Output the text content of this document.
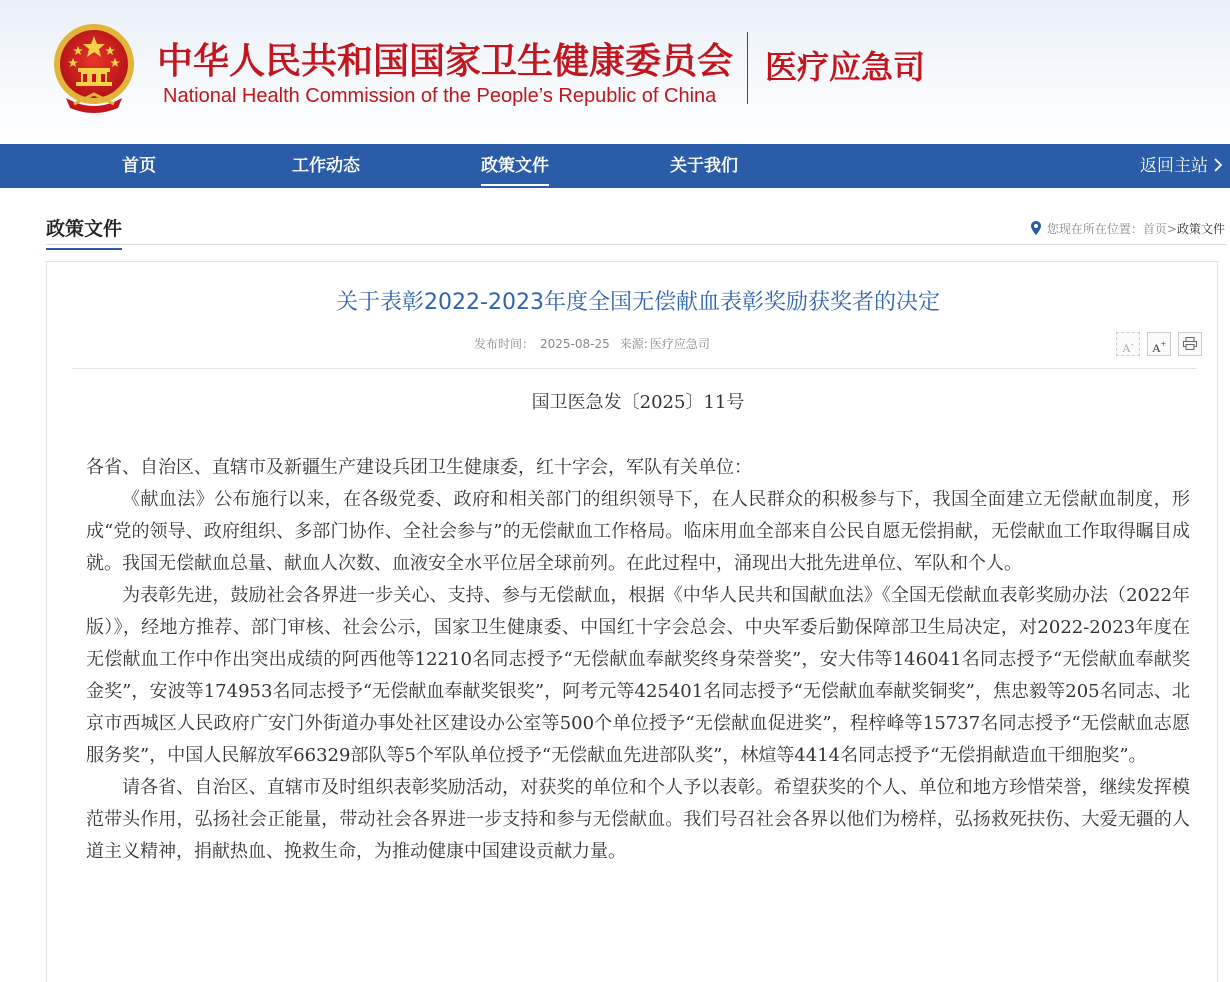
中华人民共和国国家卫生健康委员会
National Health Commission of the People’s Republic of China
医疗应急司
首页	工作动态	政策文件	关于我们	返回主站
政策文件	您现在所在位置：首页>政策文件
关于表彰2022-2023年度全国无偿献血表彰奖励获奖者的决定
发布时间： 2025-08-25 来源: 医疗应急司	A-	A+
国卫医急发〔2025〕11号

各省、自治区、直辖市及新疆生产建设兵团卫生健康委，红十字会，军队有关单位：

《献血法》公布施行以来，在各级党委、政府和相关部门的组织领导下，在人民群众的积极参与下，我国全面建立无偿献血制度，形成“党的领导、政府组织、多部门协作、全社会参与”的无偿献血工作格局。临床用血全部来自公民自愿无偿捐献，无偿献血工作取得瞩目成就。我国无偿献血总量、献血人次数、血液安全水平位居全球前列。在此过程中，涌现出大批先进单位、军队和个人。

为表彰先进，鼓励社会各界进一步关心、支持、参与无偿献血，根据《中华人民共和国献血法》《全国无偿献血表彰奖励办法（2022年版）》，经地方推荐、部门审核、社会公示，国家卫生健康委、中国红十字会总会、中央军委后勤保障部卫生局决定，对2022-2023年度在无偿献血工作中作出突出成绩的阿西他等12210名同志授予“无偿献血奉献奖终身荣誉奖”，安大伟等146041名同志授予“无偿献血奉献奖金奖”，安波等174953名同志授予“无偿献血奉献奖银奖”，阿考元等425401名同志授予“无偿献血奉献奖铜奖”，焦忠毅等205名同志、北京市西城区人民政府广安门外街道办事处社区建设办公室等500个单位授予“无偿献血促进奖”，程梓峰等15737名同志授予“无偿献血志愿服务奖”，中国人民解放军66329部队等5个军队单位授予“无偿献血先进部队奖”，林煊等4414名同志授予“无偿捐献造血干细胞奖”。

请各省、自治区、直辖市及时组织表彰奖励活动，对获奖的单位和个人予以表彰。希望获奖的个人、单位和地方珍惜荣誉，继续发挥模范带头作用，弘扬社会正能量，带动社会各界进一步支持和参与无偿献血。我们号召社会各界以他们为榜样，弘扬救死扶伤、大爱无疆的人道主义精神，捐献热血、挽救生命，为推动健康中国建设贡献力量。
